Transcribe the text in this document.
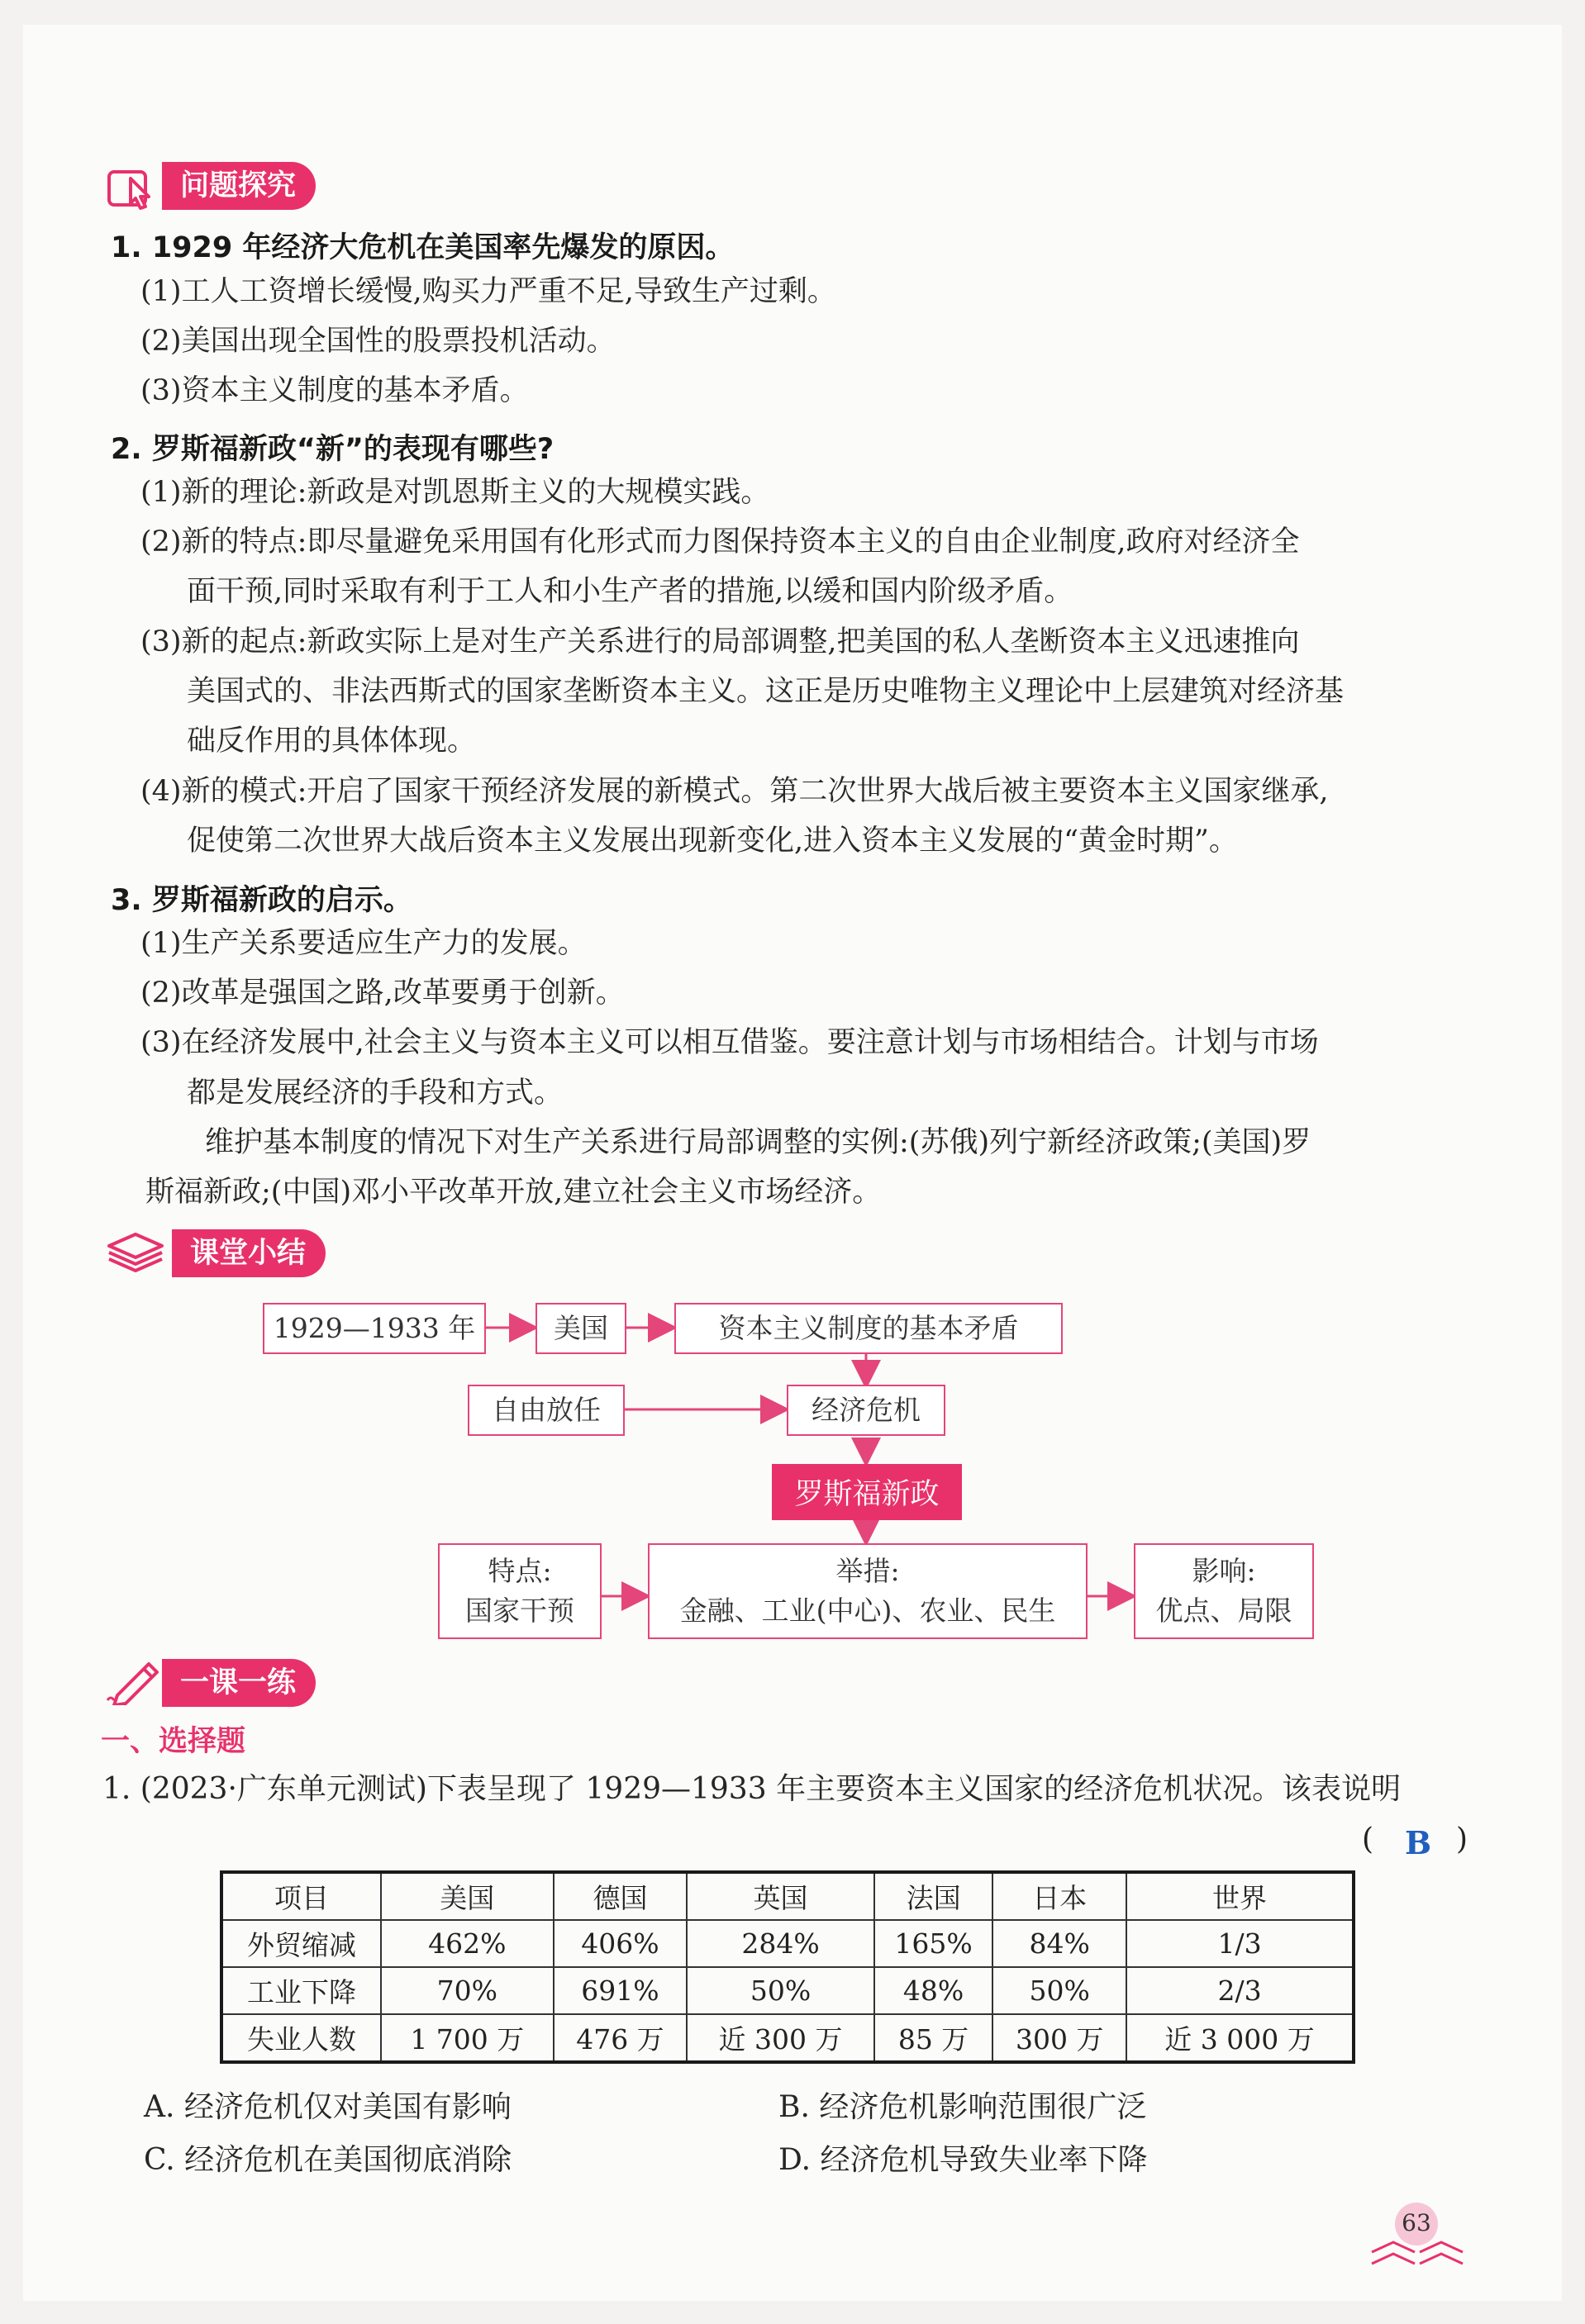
问题探究
1. 1929 年经济大危机在美国率先爆发的原因。
(1)工人工资增长缓慢,购买力严重不足,导致生产过剩。
(2)美国出现全国性的股票投机活动。
(3)资本主义制度的基本矛盾。
2. 罗斯福新政“新”的表现有哪些?
(1)新的理论:新政是对凯恩斯主义的大规模实践。
(2)新的特点:即尽量避免采用国有化形式而力图保持资本主义的自由企业制度,政府对经济全
面干预,同时采取有利于工人和小生产者的措施,以缓和国内阶级矛盾。
(3)新的起点:新政实际上是对生产关系进行的局部调整,把美国的私人垄断资本主义迅速推向
美国式的、非法西斯式的国家垄断资本主义。这正是历史唯物主义理论中上层建筑对经济基
础反作用的具体体现。
(4)新的模式:开启了国家干预经济发展的新模式。第二次世界大战后被主要资本主义国家继承,
促使第二次世界大战后资本主义发展出现新变化,进入资本主义发展的“黄金时期”。
3. 罗斯福新政的启示。
(1)生产关系要适应生产力的发展。
(2)改革是强国之路,改革要勇于创新。
(3)在经济发展中,社会主义与资本主义可以相互借鉴。要注意计划与市场相结合。计划与市场
都是发展经济的手段和方式。
维护基本制度的情况下对生产关系进行局部调整的实例:(苏俄)列宁新经济政策;(美国)罗
斯福新政;(中国)邓小平改革开放,建立社会主义市场经济。
课堂小结
1929—1933 年	美国	资本主义制度的基本矛盾
自由放任	经济危机
罗斯福新政
特点:
国家干预
举措:
金融、工业(中心)、农业、民生
影响:
优点、局限
一课一练
一、选择题
1. (2023·广东单元测试)下表呈现了 1929—1933 年主要资本主义国家的经济危机状况。该表说明
( B )
项目	美国	德国	英国	法国	日本	世界
外贸缩减	462%	406%	284%	165%	84%	1/3
工业下降	70%	691%	50%	48%	50%	2/3
失业人数	1 700 万	476 万	近 300 万	85 万	300 万	近 3 000 万
A. 经济危机仅对美国有影响	B. 经济危机影响范围很广泛
C. 经济危机在美国彻底消除	D. 经济危机导致失业率下降
63
